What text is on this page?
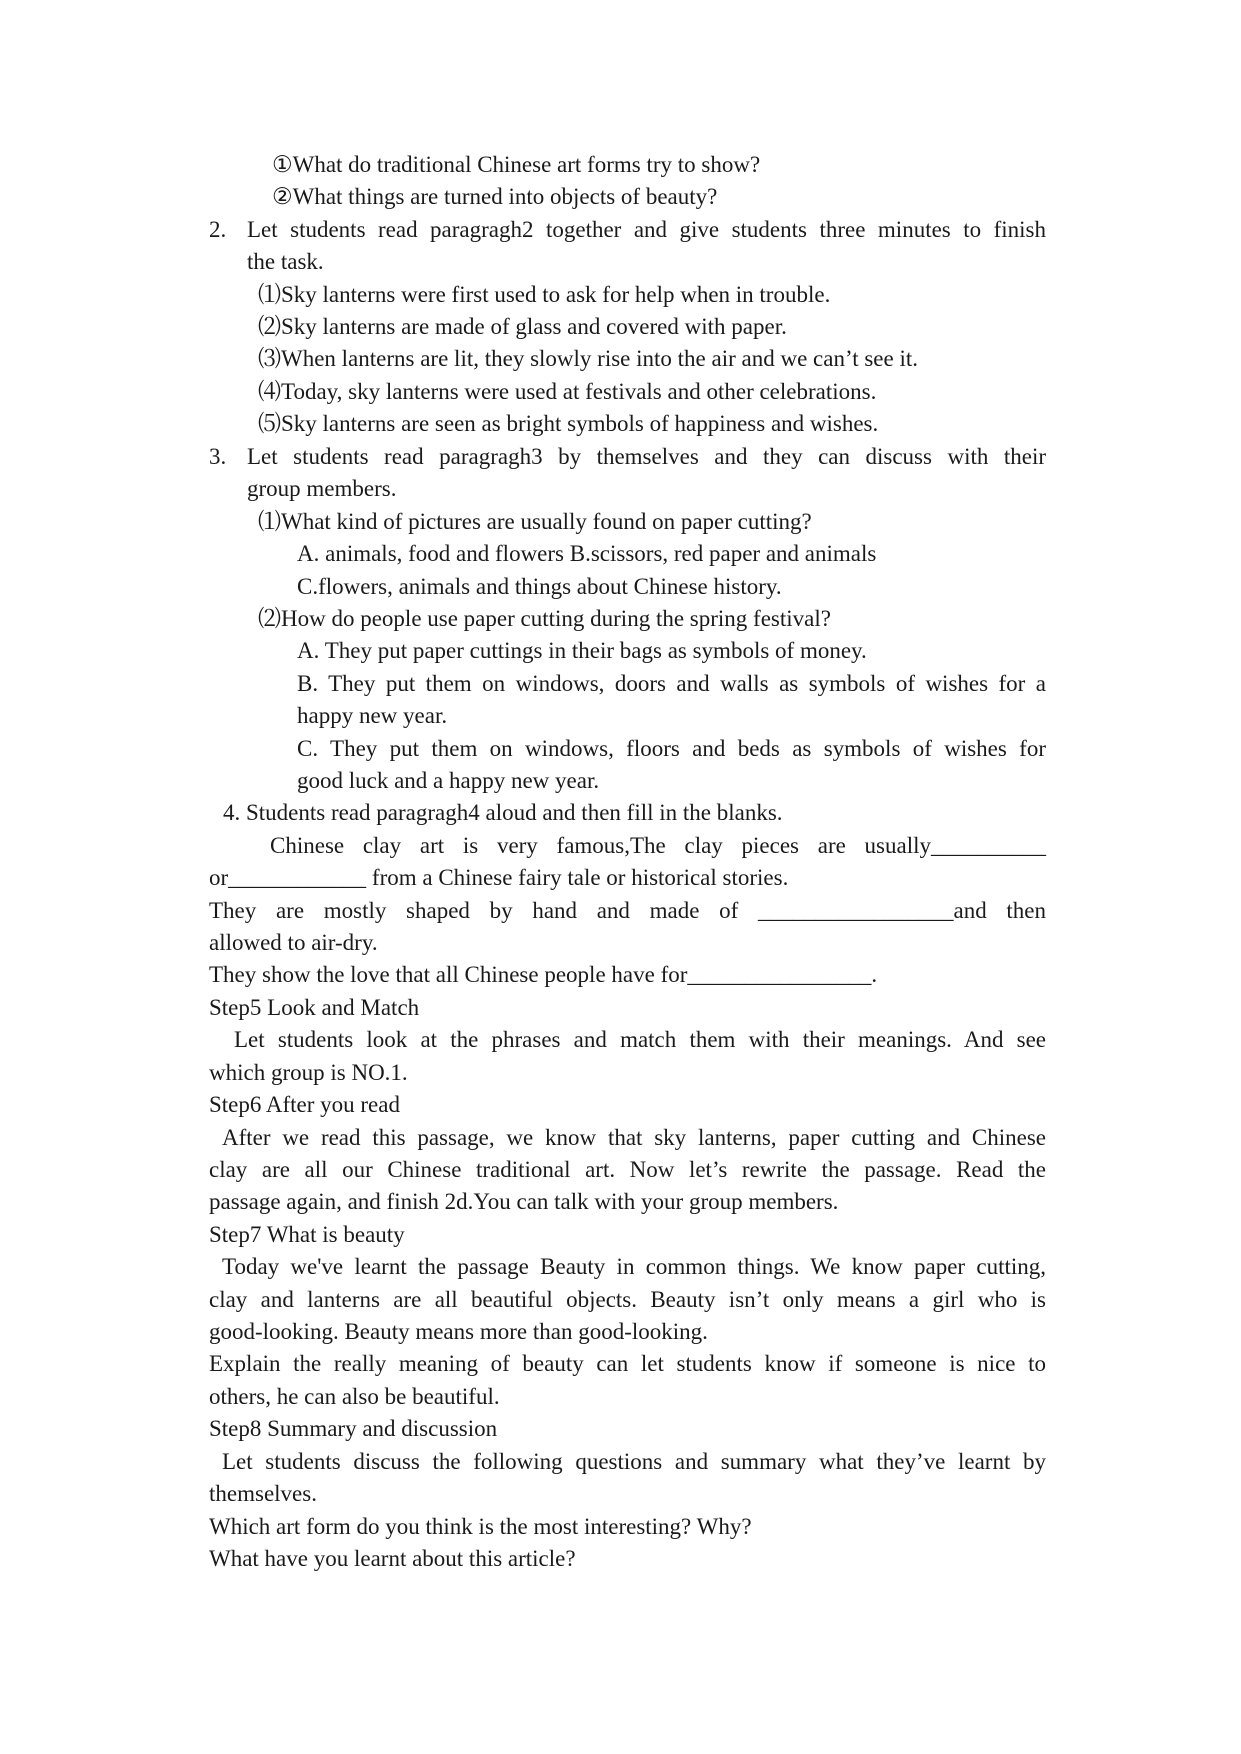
①What do traditional Chinese art forms try to show?
②What things are turned into objects of beauty?
2. Let students read paragragh2 together and give students three minutes to finish
the task.
⑴Sky lanterns were first used to ask for help when in trouble.
⑵Sky lanterns are made of glass and covered with paper.
⑶When lanterns are lit, they slowly rise into the air and we can’t see it.
⑷Today, sky lanterns were used at festivals and other celebrations.
⑸Sky lanterns are seen as bright symbols of happiness and wishes.
3. Let students read paragragh3 by themselves and they can discuss with their
group members.
⑴What kind of pictures are usually found on paper cutting?
A. animals, food and flowers B.scissors, red paper and animals
C.flowers, animals and things about Chinese history.
⑵How do people use paper cutting during the spring festival?
A. They put paper cuttings in their bags as symbols of money.
B. They put them on windows, doors and walls as symbols of wishes for a
happy new year.
C. They put them on windows, floors and beds as symbols of wishes for
good luck and a happy new year.
4. Students read paragragh4 aloud and then fill in the blanks.
Chinese clay art is very famous,The clay pieces are usually__________
or____________ from a Chinese fairy tale or historical stories.
They are mostly shaped by hand and made of _________________and then
allowed to air-dry.
They show the love that all Chinese people have for________________.
Step5 Look and Match
Let students look at the phrases and match them with their meanings. And see
which group is NO.1.
Step6 After you read
After we read this passage, we know that sky lanterns, paper cutting and Chinese
clay are all our Chinese traditional art. Now let’s rewrite the passage. Read the
passage again, and finish 2d.You can talk with your group members.
Step7 What is beauty
Today we've learnt the passage Beauty in common things. We know paper cutting,
clay and lanterns are all beautiful objects. Beauty isn’t only means a girl who is
good-looking. Beauty means more than good-looking.
Explain the really meaning of beauty can let students know if someone is nice to
others, he can also be beautiful.
Step8 Summary and discussion
Let students discuss the following questions and summary what they’ve learnt by
themselves.
Which art form do you think is the most interesting? Why?
What have you learnt about this article?
